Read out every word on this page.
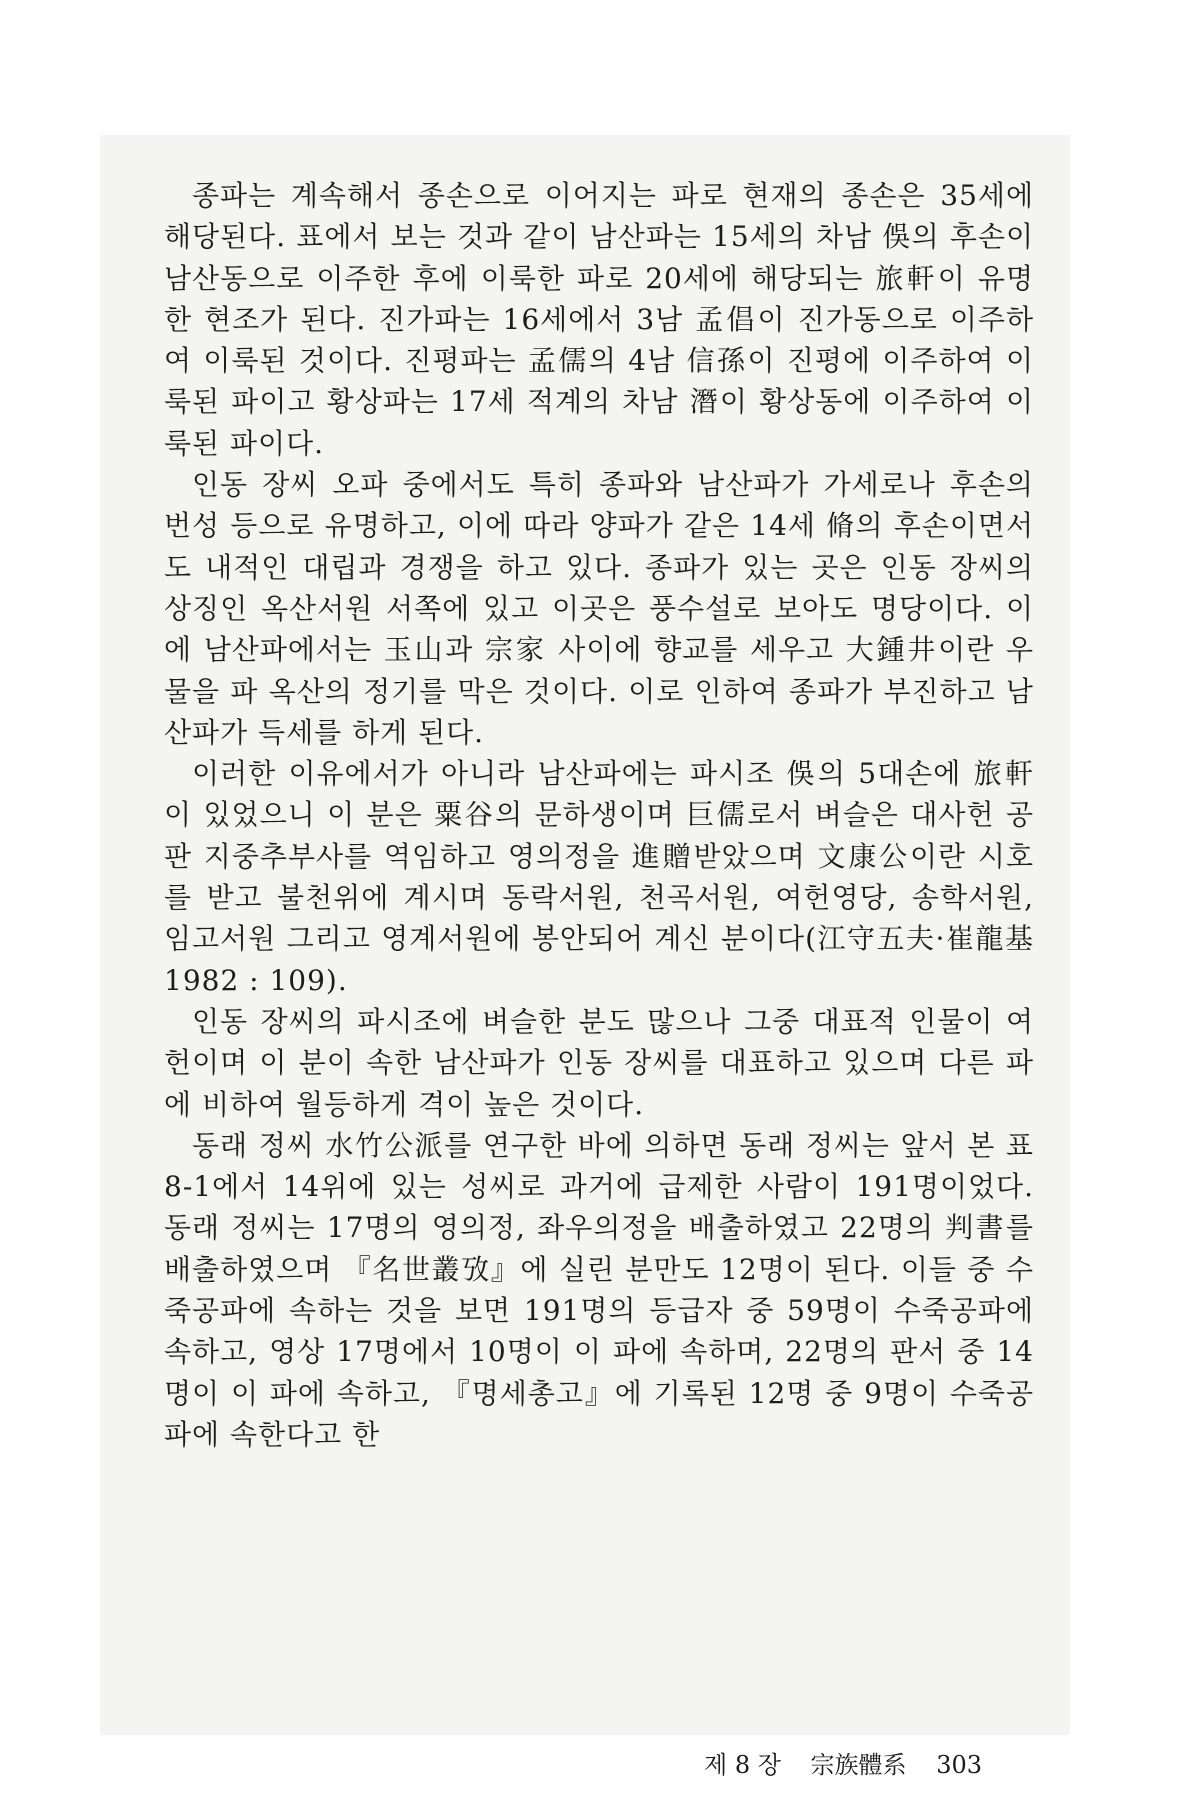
종파는 계속해서 종손으로 이어지는 파로 현재의 종손은 35세에 해당된다. 표에서 보는 것과 같이 남산파는 15세의 차남 俁의 후손이 남산동으로 이주한 후에 이룩한 파로 20세에 해당되는 旅軒이 유명한 현조가 된다. 진가파는 16세에서 3남 孟倡이 진가동으로 이주하여 이룩된 것이다. 진평파는 孟儒의 4남 信孫이 진평에 이주하여 이룩된 파이고 황상파는 17세 적계의 차남 潛이 황상동에 이주하여 이룩된 파이다.

인동 장씨 오파 중에서도 특히 종파와 남산파가 가세로나 후손의 번성 등으로 유명하고, 이에 따라 양파가 같은 14세 脩의 후손이면서도 내적인 대립과 경쟁을 하고 있다. 종파가 있는 곳은 인동 장씨의 상징인 옥산서원 서쪽에 있고 이곳은 풍수설로 보아도 명당이다. 이에 남산파에서는 玉山과 宗家 사이에 향교를 세우고 大鍾井이란 우물을 파 옥산의 정기를 막은 것이다. 이로 인하여 종파가 부진하고 남산파가 득세를 하게 된다.

이러한 이유에서가 아니라 남산파에는 파시조 俁의 5대손에 旅軒이 있었으니 이 분은 粟谷의 문하생이며 巨儒로서 벼슬은 대사헌 공판 지중추부사를 역임하고 영의정을 進贈받았으며 文康公이란 시호를 받고 불천위에 계시며 동락서원, 천곡서원, 여헌영당, 송학서원, 임고서원 그리고 영계서원에 봉안되어 계신 분이다(江守五夫·崔龍基 1982 : 109).

인동 장씨의 파시조에 벼슬한 분도 많으나 그중 대표적 인물이 여헌이며 이 분이 속한 남산파가 인동 장씨를 대표하고 있으며 다른 파에 비하여 월등하게 격이 높은 것이다.

동래 정씨 水竹公派를 연구한 바에 의하면 동래 정씨는 앞서 본 표 8-1에서 14위에 있는 성씨로 과거에 급제한 사람이 191명이었다. 동래 정씨는 17명의 영의정, 좌우의정을 배출하였고 22명의 判書를 배출하였으며 『名世叢攷』에 실린 분만도 12명이 된다. 이들 중 수죽공파에 속하는 것을 보면 191명의 등급자 중 59명이 수죽공파에 속하고, 영상 17명에서 10명이 이 파에 속하며, 22명의 판서 중 14명이 이 파에 속하고, 『명세총고』에 기록된 12명 중 9명이 수죽공파에 속한다고 한

제 8 장 宗族體系 303
